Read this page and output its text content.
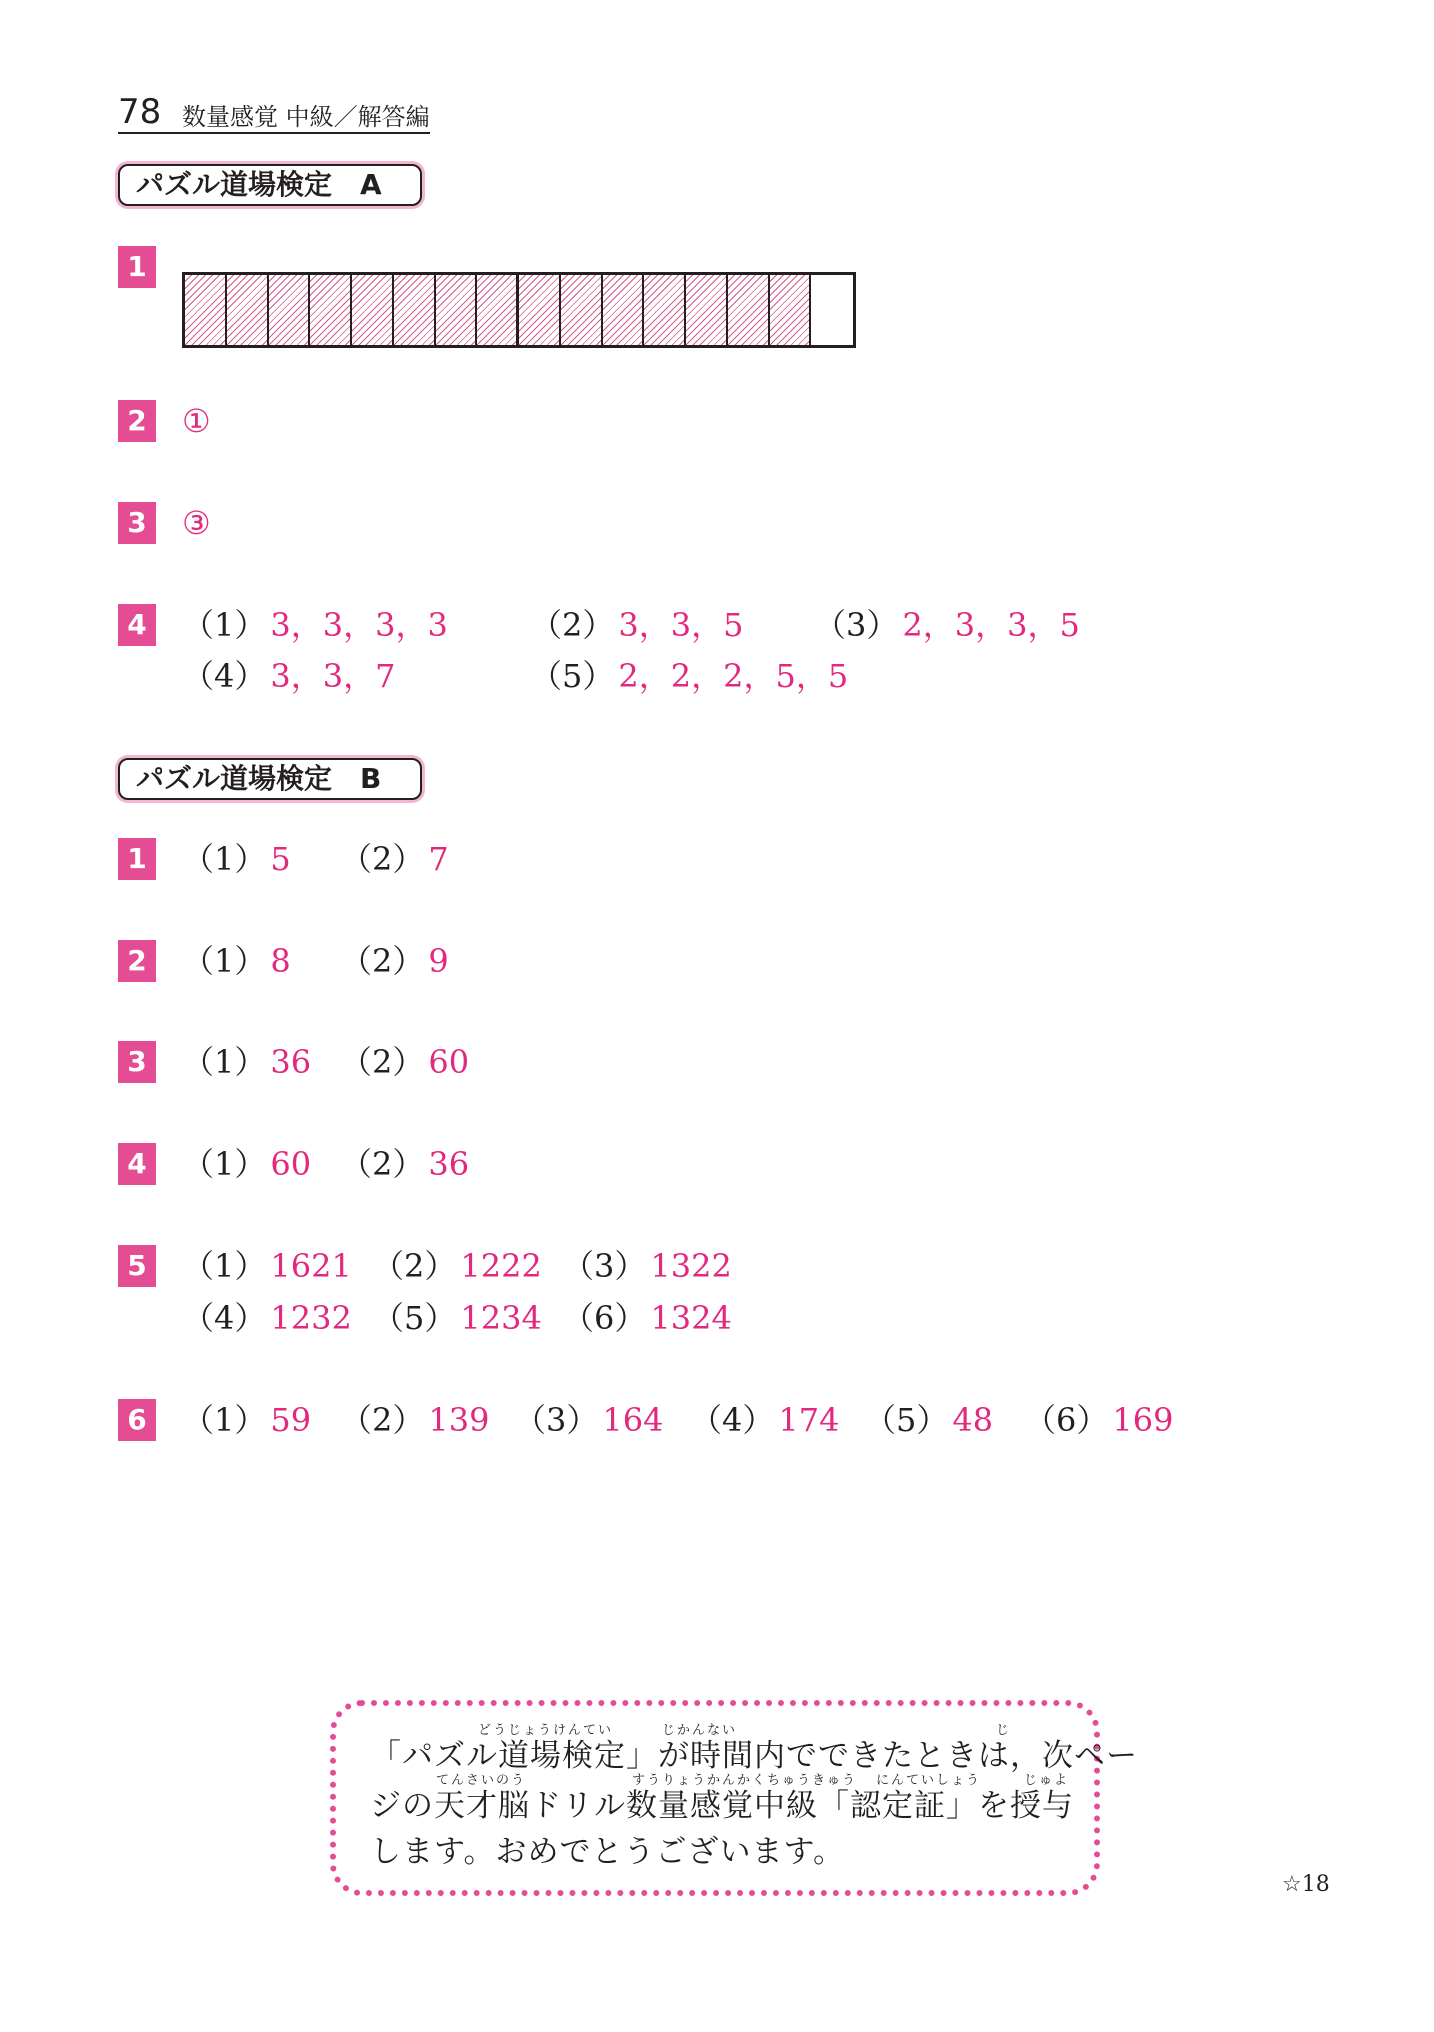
78 数量感覚 中級／解答編
パズル道場検定　A
1
2 ①
3 ③
4 （1） 3，3，3，3	（2） 3，3，5 （3） 2，3，3，5
（4） 3，3，7	（5） 2，2，2，5，5
パズル道場検定　B
1 （1） 5 （2） 7
2 （1） 8 （2） 9
3 （1） 36 （2） 60
4 （1） 60 （2） 36
5 （1） 1621 （2） 1222 （3） 1322
（4） 1232 （5） 1234 （6） 1324
6 （1） 59 （2） 139 （3） 164 （4） 174 （5） 48 （6） 169
どうじょうけんてい	じかんない	じ
「パズル道場検定」が時間内でできたときは，次ペー
てんさいのう	すうりょうかんかくちゅうきゅう にんていしょう	じゅよ
ジの天才脳ドリル数量感覚中級「認定証」を授与
します。おめでとうございます。
☆18
